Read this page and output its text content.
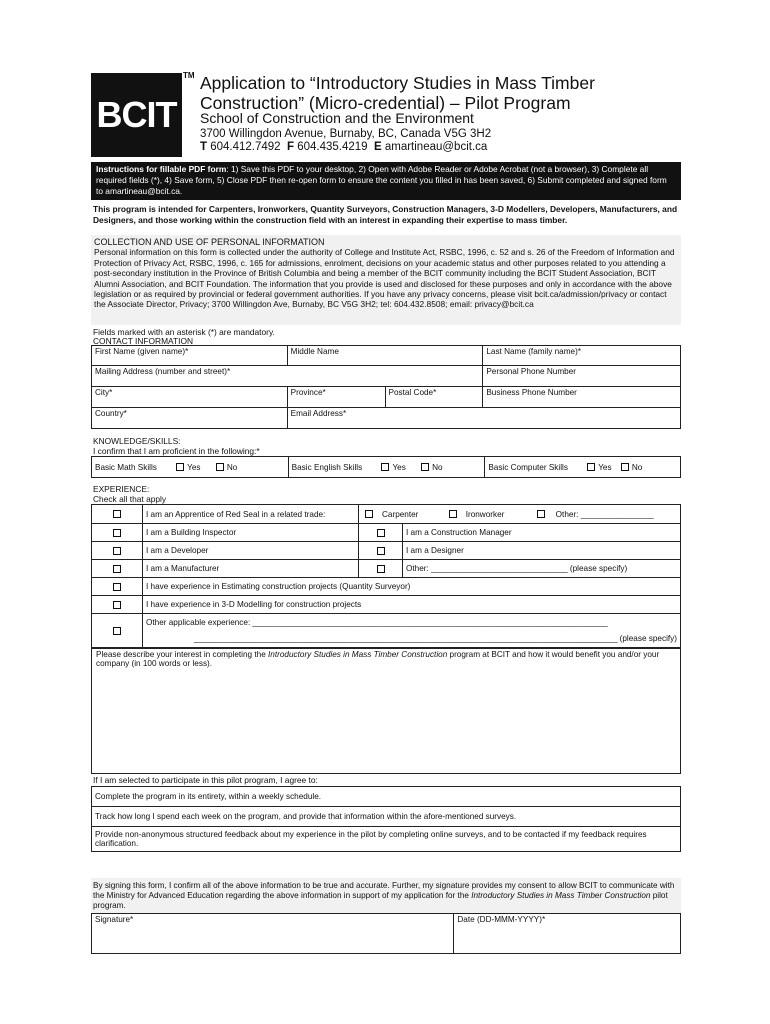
BCIT
TM Application to “Introductory Studies in Mass Timber
Construction” (Micro-credential) – Pilot Program
School of Construction and the Environment
3700 Willingdon Avenue, Burnaby, BC, Canada V5G 3H2
T 604.412.7492 F 604.435.4219 E amartineau@bcit.ca
Instructions for fillable PDF form: 1) Save this PDF to your desktop, 2) Open with Adobe Reader or Adobe Acrobat (not a browser), 3) Complete all required fields (*), 4) Save form, 5) Close PDF then re-open form to ensure the content you filled in has been saved, 6) Submit completed and signed form to amartineau@bcit.ca.
This program is intended for Carpenters, Ironworkers, Quantity Surveyors, Construction Managers, 3-D Modellers, Developers, Manufacturers, and Designers, and those working within the construction field with an interest in expanding their expertise to mass timber.
COLLECTION AND USE OF PERSONAL INFORMATION
Personal information on this form is collected under the authority of College and Institute Act, RSBC, 1996, c. 52 and s. 26 of the Freedom of Information and Protection of Privacy Act, RSBC, 1996, c. 165 for admissions, enrolment, decisions on your academic status and other purposes related to you attending a post-secondary institution in the Province of British Columbia and being a member of the BCIT community including the BCIT Student Association, BCIT Alumni Association, and BCIT Foundation. The information that you provide is used and disclosed for these purposes and only in accordance with the above legislation or as required by provincial or federal government authorities. If you have any privacy concerns, please visit bcit.ca/admission/privacy or contact the Associate Director, Privacy; 3700 Willingdon Ave, Burnaby, BC V5G 3H2; tel: 604.432.8508; email: privacy@bcit.ca
Fields marked with an asterisk (*) are mandatory.
CONTACT INFORMATION
First Name (given name)*	Middle Name		Last Name (family name)*
Mailing Address (number and street)*			Personal Phone Number
City*	Province*	Postal Code*	Business Phone Number
Country*	Email Address*		
KNOWLEDGE/SKILLS:
I confirm that I am proficient in the following:*
Basic Math Skills	Yes	No	Basic English Skills	Yes	No	Basic Computer Skills	Yes No
EXPERIENCE:
Check all that apply
	I am an Apprentice of Red Seal in a related trade:	Carpenter Ironworker Other: ________________	
	I am a Building Inspector		I am a Construction Manager
	I am a Developer		I am a Designer
	I am a Manufacturer		Other: ______________________________ (please specify)
	I have experience in Estimating construction projects (Quantity Surveyor)		
	I have experience in 3-D Modelling for construction projects		

	Other applicable experience: ______________________________________________________________________________
_____________________________________________________________________________________________ (please specify)		
Please describe your interest in completing the Introductory Studies in Mass Timber Construction program at BCIT and how it would benefit you and/or your company (in 100 words or less).
If I am selected to participate in this pilot program, I agree to:
Complete the program in its entirety, within a weekly schedule.
Track how long I spend each week on the program, and provide that information within the afore-mentioned surveys.
Provide non-anonymous structured feedback about my experience in the pilot by completing online surveys, and to be contacted if my feedback requires clarification.
By signing this form, I confirm all of the above information to be true and accurate. Further, my signature provides my consent to allow BCIT to communicate with the Ministry for Advanced Education regarding the above information in support of my application for the Introductory Studies in Mass Timber Construction pilot program.
Signature*	Date (DD-MMM-YYYY)*
